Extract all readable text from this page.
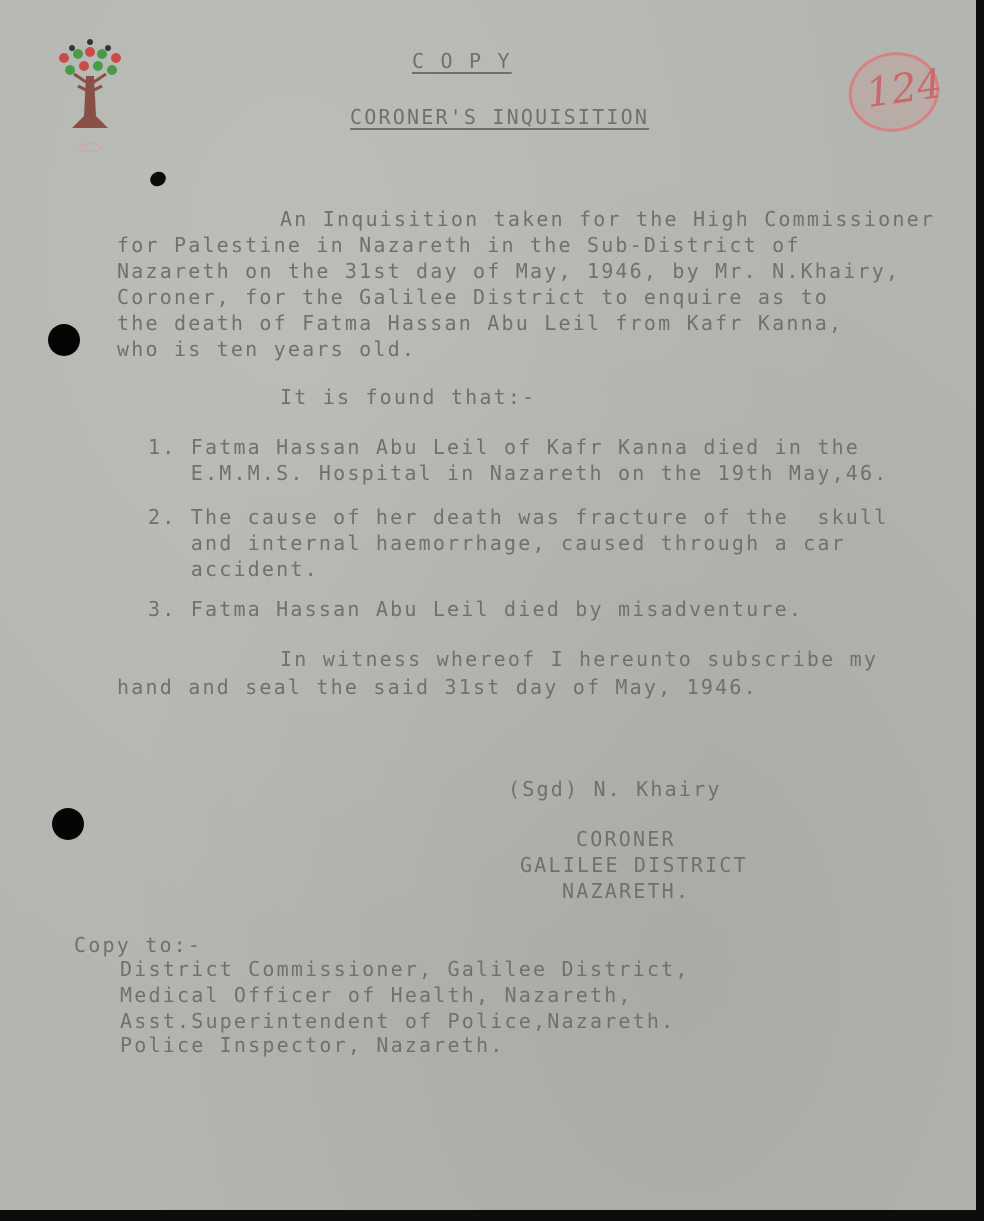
124
C O P Y
CORONER'S INQUISITION
An Inquisition taken for the High Commissioner
for Palestine in Nazareth in the Sub-District of
Nazareth on the 31st day of May, 1946, by Mr. N.Khairy,
Coroner, for the Galilee District to enquire as to
the death of Fatma Hassan Abu Leil from Kafr Kanna,
who is ten years old.
It is found that:-
1. Fatma Hassan Abu Leil of Kafr Kanna died in the
E.M.M.S. Hospital in Nazareth on the 19th May,46.
2. The cause of her death was fracture of the  skull
and internal haemorrhage, caused through a car
accident.
3. Fatma Hassan Abu Leil died by misadventure.
In witness whereof I hereunto subscribe my
hand and seal the said 31st day of May, 1946.
(Sgd) N. Khairy
CORONER
GALILEE DISTRICT
NAZARETH.
Copy to:-
District Commissioner, Galilee District,
Medical Officer of Health, Nazareth,
Asst.Superintendent of Police,Nazareth.
Police Inspector, Nazareth.
